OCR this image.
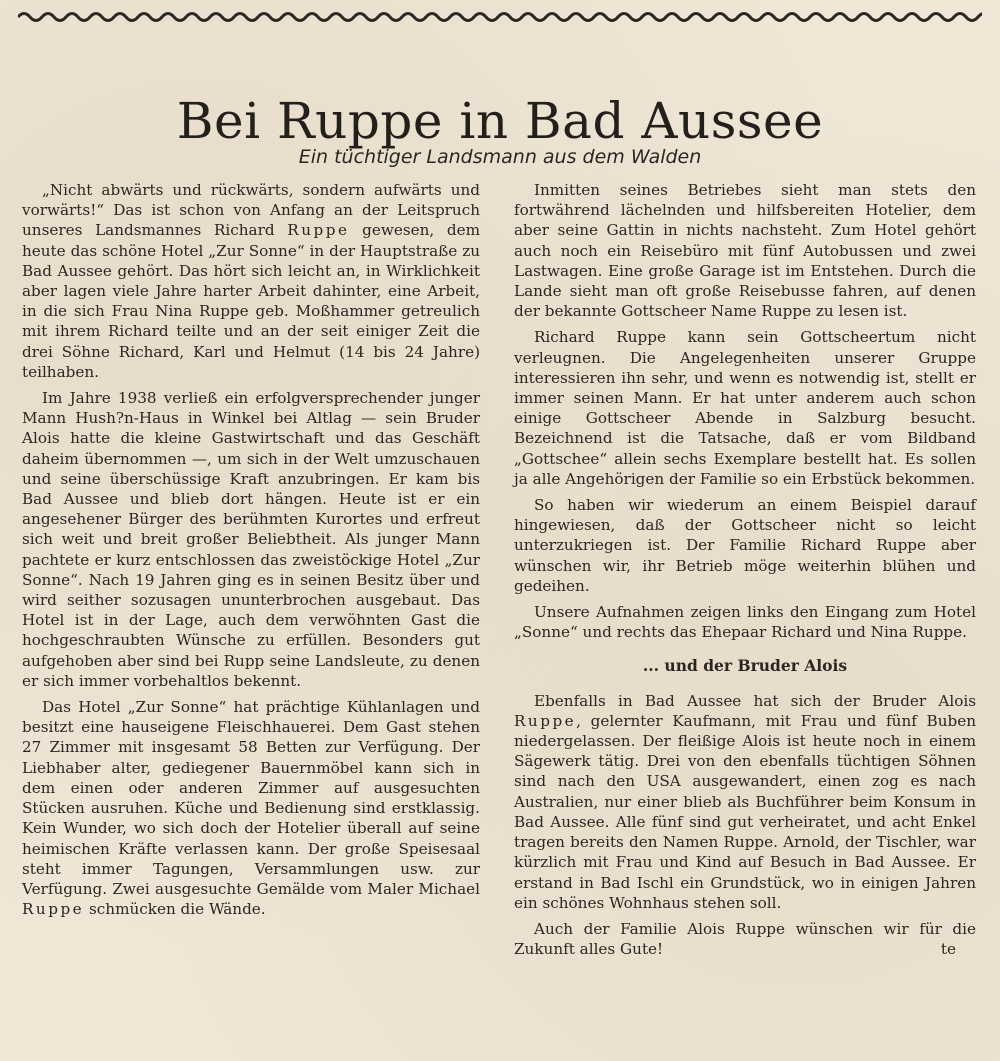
Bei Ruppe in Bad Aussee
Ein tüchtiger Landsmann aus dem Walden

„Nicht abwärts und rückwärts, sondern aufwärts und vorwärts!“ Das ist schon von Anfang an der Leitspruch unseres Landsmannes Richard Ruppe gewesen, dem heute das schöne Hotel „Zur Sonne“ in der Hauptstraße zu Bad Aussee gehört. Das hört sich leicht an, in Wirklichkeit aber lagen viele Jahre harter Arbeit dahinter, eine Arbeit, in die sich Frau Nina Ruppe geb. Moßhammer getreulich mit ihrem Richard teilte und an der seit einiger Zeit die drei Söhne Richard, Karl und Helmut (14 bis 24 Jahre) teilhaben.

Im Jahre 1938 verließ ein erfolgversprechender junger Mann Hush?n-Haus in Winkel bei Altlag — sein Bruder Alois hatte die kleine Gastwirtschaft und das Geschäft daheim übernommen —, um sich in der Welt umzuschauen und seine überschüssige Kraft anzubringen. Er kam bis Bad Aussee und blieb dort hängen. Heute ist er ein angesehener Bürger des berühmten Kurortes und erfreut sich weit und breit großer Beliebtheit. Als junger Mann pachtete er kurz entschlossen das zweistöckige Hotel „Zur Sonne“. Nach 19 Jahren ging es in seinen Besitz über und wird seither sozusagen ununterbrochen ausgebaut. Das Hotel ist in der Lage, auch dem verwöhnten Gast die hochgeschraubten Wünsche zu erfüllen. Besonders gut aufgehoben aber sind bei Rupp seine Landsleute, zu denen er sich immer vorbehaltlos bekennt.

Das Hotel „Zur Sonne“ hat prächtige Kühlanlagen und besitzt eine hauseigene Fleischhauerei. Dem Gast stehen 27 Zimmer mit insgesamt 58 Betten zur Verfügung. Der Liebhaber alter, gediegener Bauernmöbel kann sich in dem einen oder anderen Zimmer auf ausgesuchten Stücken ausruhen. Küche und Bedienung sind erstklassig. Kein Wunder, wo sich doch der Hotelier überall auf seine heimischen Kräfte verlassen kann. Der große Speisesaal steht immer Tagungen, Versammlungen usw. zur Verfügung. Zwei ausgesuchte Gemälde vom Maler Michael Ruppe schmücken die Wände.

Inmitten seines Betriebes sieht man stets den fortwährend lächelnden und hilfsbereiten Hotelier, dem aber seine Gattin in nichts nachsteht. Zum Hotel gehört auch noch ein Reisebüro mit fünf Autobussen und zwei Lastwagen. Eine große Garage ist im Entstehen. Durch die Lande sieht man oft große Reisebusse fahren, auf denen der bekannte Gottscheer Name Ruppe zu lesen ist.

Richard Ruppe kann sein Gottscheertum nicht verleugnen. Die Angelegenheiten unserer Gruppe interessieren ihn sehr, und wenn es notwendig ist, stellt er immer seinen Mann. Er hat unter anderem auch schon einige Gottscheer Abende in Salzburg besucht. Bezeichnend ist die Tatsache, daß er vom Bildband „Gottschee“ allein sechs Exemplare bestellt hat. Es sollen ja alle Angehörigen der Familie so ein Erbstück bekommen.

So haben wir wiederum an einem Beispiel darauf hingewiesen, daß der Gottscheer nicht so leicht unterzukriegen ist. Der Familie Richard Ruppe aber wünschen wir, ihr Betrieb möge weiterhin blühen und gedeihen.

Unsere Aufnahmen zeigen links den Eingang zum Hotel „Sonne“ und rechts das Ehepaar Richard und Nina Ruppe.

... und der Bruder Alois

Ebenfalls in Bad Aussee hat sich der Bruder Alois Ruppe, gelernter Kaufmann, mit Frau und fünf Buben niedergelassen. Der fleißige Alois ist heute noch in einem Sägewerk tätig. Drei von den ebenfalls tüchtigen Söhnen sind nach den USA ausgewandert, einen zog es nach Australien, nur einer blieb als Buchführer beim Konsum in Bad Aussee. Alle fünf sind gut verheiratet, und acht Enkel tragen bereits den Namen Ruppe. Arnold, der Tischler, war kürzlich mit Frau und Kind auf Besuch in Bad Aussee. Er erstand in Bad Ischl ein Grundstück, wo in einigen Jahren ein schönes Wohnhaus stehen soll.

Auch der Familie Alois Ruppe wünschen wir für die Zukunft alles Gute!	te
